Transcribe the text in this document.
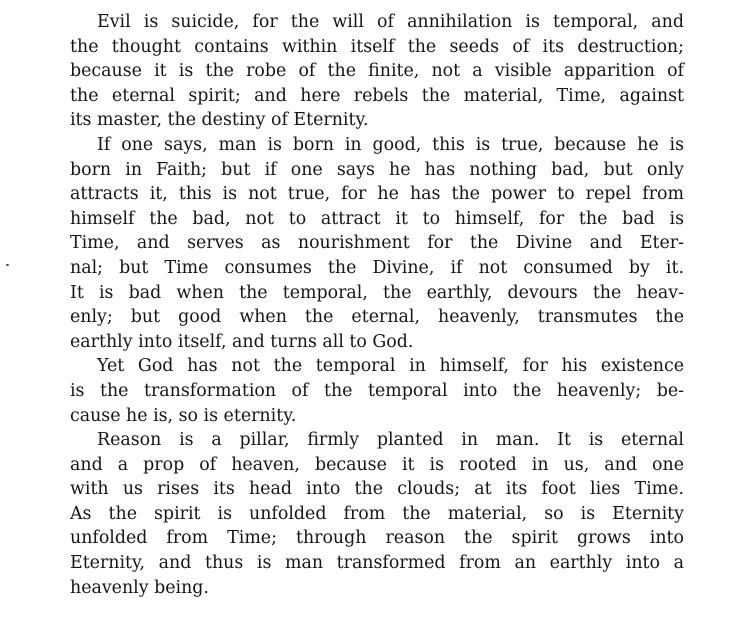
Evil is suicide, for the will of annihilation is temporal, and
the thought contains within itself the seeds of its destruction;
because it is the robe of the finite, not a visible apparition of
the eternal spirit; and here rebels the material, Time, against
its master, the destiny of Eternity.

If one says, man is born in good, this is true, because he is
born in Faith; but if one says he has nothing bad, but only
attracts it, this is not true, for he has the power to repel from
himself the bad, not to attract it to himself, for the bad is
Time, and serves as nourishment for the Divine and Eter-
nal; but Time consumes the Divine, if not consumed by it.
It is bad when the temporal, the earthly, devours the heav-
enly; but good when the eternal, heavenly, transmutes the
earthly into itself, and turns all to God.

Yet God has not the temporal in himself, for his existence
is the transformation of the temporal into the heavenly; be-
cause he is, so is eternity.

Reason is a pillar, firmly planted in man. It is eternal
and a prop of heaven, because it is rooted in us, and one
with us rises its head into the clouds; at its foot lies Time.
As the spirit is unfolded from the material, so is Eternity
unfolded from Time; through reason the spirit grows into
Eternity, and thus is man transformed from an earthly into a
heavenly being.
